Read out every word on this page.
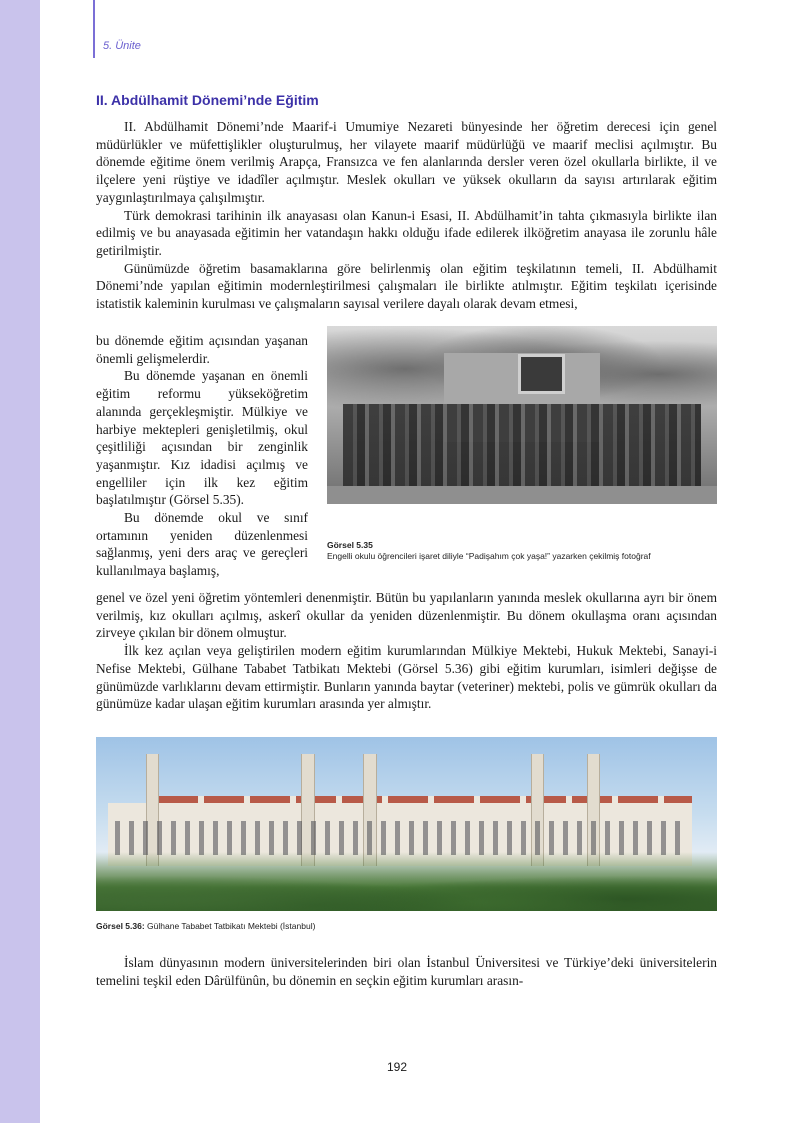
5. Ünite
II. Abdülhamit Dönemi’nde Eğitim

II. Abdülhamit Dönemi’nde Maarif-i Umumiye Nezareti bünyesinde her öğretim derecesi için genel müdürlükler ve müfettişlikler oluşturulmuş, her vilayete maarif müdürlüğü ve maarif meclisi açılmıştır. Bu dönemde eğitime önem verilmiş Arapça, Fransızca ve fen alanlarında dersler veren özel okullarla birlikte, il ve ilçelere yeni rüştiye ve idadîler açılmıştır. Meslek okulları ve yüksek okulların da sayısı artırılarak eğitim yaygınlaştırılmaya çalışılmıştır.

Türk demokrasi tarihinin ilk anayasası olan Kanun-i Esasi, II. Abdülhamit’in tahta çıkmasıyla birlikte ilan edilmiş ve bu anayasada eğitimin her vatandaşın hakkı olduğu ifade edilerek ilköğretim anayasa ile zorunlu hâle getirilmiştir.

Günümüzde öğretim basamaklarına göre belirlenmiş olan eğitim teşkilatının temeli, II. Abdülhamit Dönemi’nde yapılan eğitimin modernleştirilmesi çalışmaları ile birlikte atılmıştır. Eğitim teşkilatı içerisinde istatistik kaleminin kurulması ve çalışmaların sayısal verilere dayalı olarak devam etmesi,

bu dönemde eğitim açısından yaşanan önemli gelişmelerdir.

Bu dönemde yaşanan en önemli eğitim reformu yükseköğretim alanında gerçekleşmiştir. Mülkiye ve harbiye mektepleri genişletilmiş, okul çeşitliliği açısından bir zenginlik yaşanmıştır. Kız idadisi açılmış ve engelliler için ilk kez eğitim başlatılmıştır (Görsel 5.35).

Bu dönemde okul ve sınıf ortamının yeniden düzenlenmesi sağlanmış, yeni ders araç ve gereçleri kullanılmaya başlamış,

Görsel 5.35
Engelli okulu öğrencileri işaret diliyle “Padişahım çok yaşa!” yazarken çekilmiş fotoğraf

genel ve özel yeni öğretim yöntemleri denenmiştir. Bütün bu yapılanların yanında meslek okullarına ayrı bir önem verilmiş, kız okulları açılmış, askerî okullar da yeniden düzenlenmiştir. Bu dönem okullaşma oranı açısından zirveye çıkılan bir dönem olmuştur.

İlk kez açılan veya geliştirilen modern eğitim kurumlarından Mülkiye Mektebi, Hukuk Mektebi, Sanayi-i Nefise Mektebi, Gülhane Tababet Tatbikatı Mektebi (Görsel 5.36) gibi eğitim kurumları, isimleri değişse de günümüzde varlıklarını devam ettirmiştir. Bunların yanında baytar (veteriner) mektebi, polis ve gümrük okulları da günümüze kadar ulaşan eğitim kurumları arasında yer almıştır.

Görsel 5.36: Gülhane Tababet Tatbikatı Mektebi (İstanbul)

İslam dünyasının modern üniversitelerinden biri olan İstanbul Üniversitesi ve Türkiye’deki üniversitelerin temelini teşkil eden Dârülfünûn, bu dönemin en seçkin eğitim kurumları arasın-

192
